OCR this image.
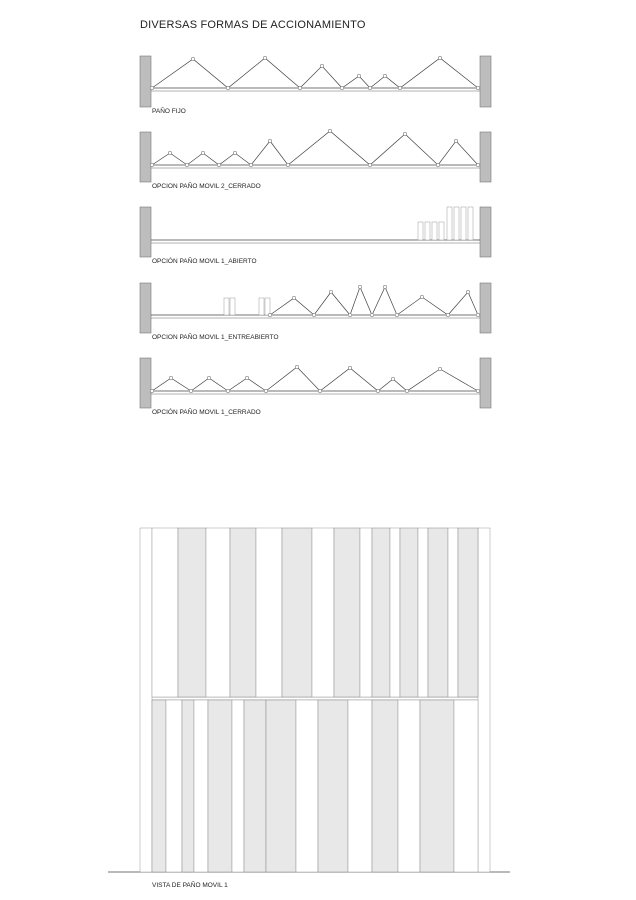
DIVERSAS FORMAS DE ACCIONAMIENTO
PAÑO FIJO
OPCION PAÑO MOVIL 2_CERRADO
OPCIÓN PAÑO MOVIL 1_ABIERTO
OPCION PAÑO MOVIL 1_ENTREABIERTO
OPCIÓN PAÑO MOVIL 1_CERRADO
VISTA DE PAÑO MOVIL 1
